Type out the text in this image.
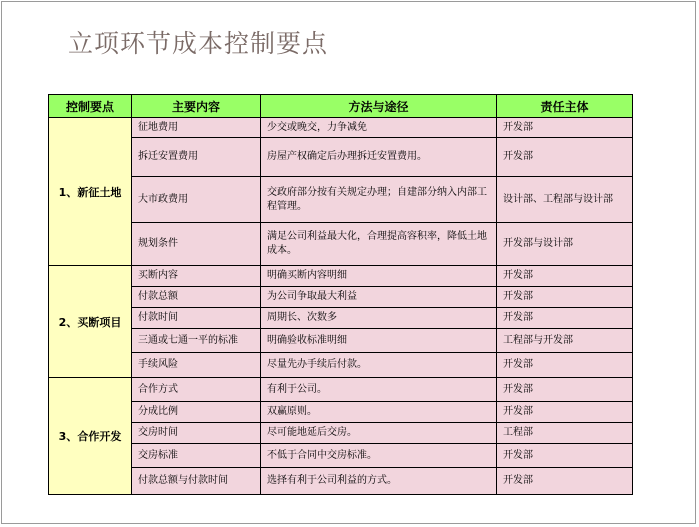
立项环节成本控制要点
控制要点	主要内容	方法与途径	责任主体
1、新征土地	征地费用	少交或晚交，力争减免	开发部
	拆迁安置费用	房屋产权确定后办理拆迁安置费用。	开发部
	大市政费用	交政府部分按有关规定办理；自建部分纳入内部工程管理。	设计部、工程部与设计部
	规划条件	满足公司利益最大化，合理提高容积率，降低土地成本。	开发部与设计部
2、买断项目	买断内容	明确买断内容明细	开发部
	付款总额	为公司争取最大利益	开发部
	付款时间	周期长、次数多	开发部
	三通或七通一平的标准	明确验收标准明细	工程部与开发部
	手续风险	尽量先办手续后付款。	开发部
3、合作开发	合作方式	有利于公司。	开发部
	分成比例	双赢原则。	开发部
	交房时间	尽可能地延后交房。	工程部
	交房标准	不低于合同中交房标准。	开发部
	付款总额与付款时间	选择有利于公司利益的方式。	开发部
